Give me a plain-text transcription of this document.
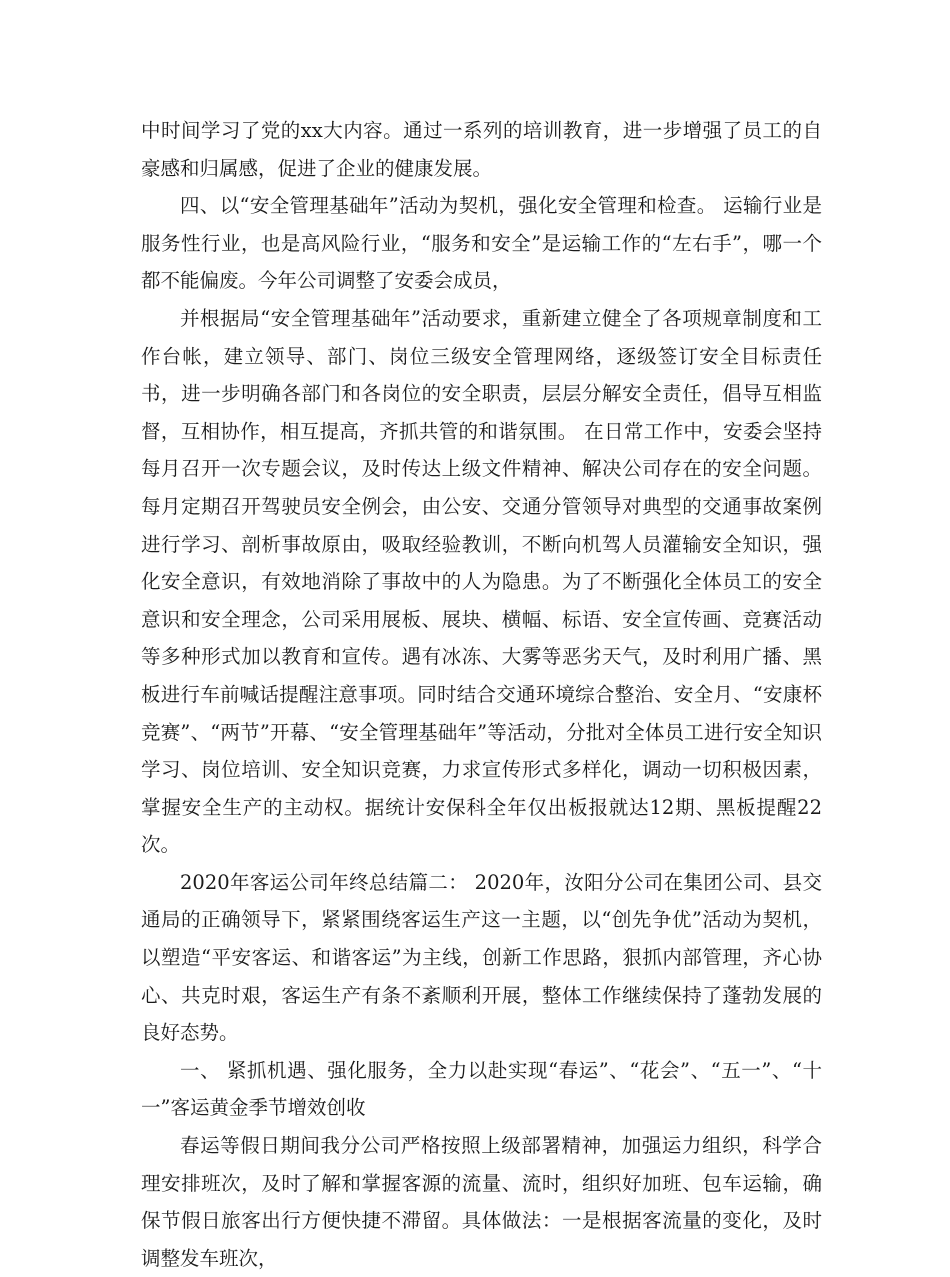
中时间学习了党的xx大内容。通过一系列的培训教育，进一步增强了员工的自豪感和归属感，促进了企业的健康发展。

四、以“安全管理基础年”活动为契机，强化安全管理和检查。 运输行业是服务性行业，也是高风险行业，“服务和安全”是运输工作的“左右手”，哪一个都不能偏废。今年公司调整了安委会成员，

并根据局“安全管理基础年”活动要求，重新建立健全了各项规章制度和工作台帐，建立领导、部门、岗位三级安全管理网络，逐级签订安全目标责任书，进一步明确各部门和各岗位的安全职责，层层分解安全责任，倡导互相监督，互相协作，相互提高，齐抓共管的和谐氛围。 在日常工作中，安委会坚持每月召开一次专题会议，及时传达上级文件精神、解决公司存在的安全问题。每月定期召开驾驶员安全例会，由公安、交通分管领导对典型的交通事故案例进行学习、剖析事故原由，吸取经验教训，不断向机驾人员灌输安全知识，强化安全意识，有效地消除了事故中的人为隐患。为了不断强化全体员工的安全意识和安全理念，公司采用展板、展块、横幅、标语、安全宣传画、竞赛活动等多种形式加以教育和宣传。遇有冰冻、大雾等恶劣天气，及时利用广播、黑板进行车前喊话提醒注意事项。同时结合交通环境综合整治、安全月、“安康杯竞赛”、“两节”开幕、“安全管理基础年”等活动，分批对全体员工进行安全知识学习、岗位培训、安全知识竞赛，力求宣传形式多样化，调动一切积极因素，掌握安全生产的主动权。据统计安保科全年仅出板报就达12期、黑板提醒22次。

2020年客运公司年终总结篇二： 2020年，汝阳分公司在集团公司、县交通局的正确领导下，紧紧围绕客运生产这一主题，以“创先争优”活动为契机，以塑造“平安客运、和谐客运”为主线，创新工作思路，狠抓内部管理，齐心协心、共克时艰，客运生产有条不紊顺利开展，整体工作继续保持了蓬勃发展的良好态势。

一、 紧抓机遇、强化服务，全力以赴实现“春运”、“花会”、“五一”、“十一”客运黄金季节增效创收

春运等假日期间我分公司严格按照上级部署精神，加强运力组织，科学合理安排班次，及时了解和掌握客源的流量、流时，组织好加班、包车运输，确保节假日旅客出行方便快捷不滞留。具体做法：一是根据客流量的变化，及时调整发车班次，
